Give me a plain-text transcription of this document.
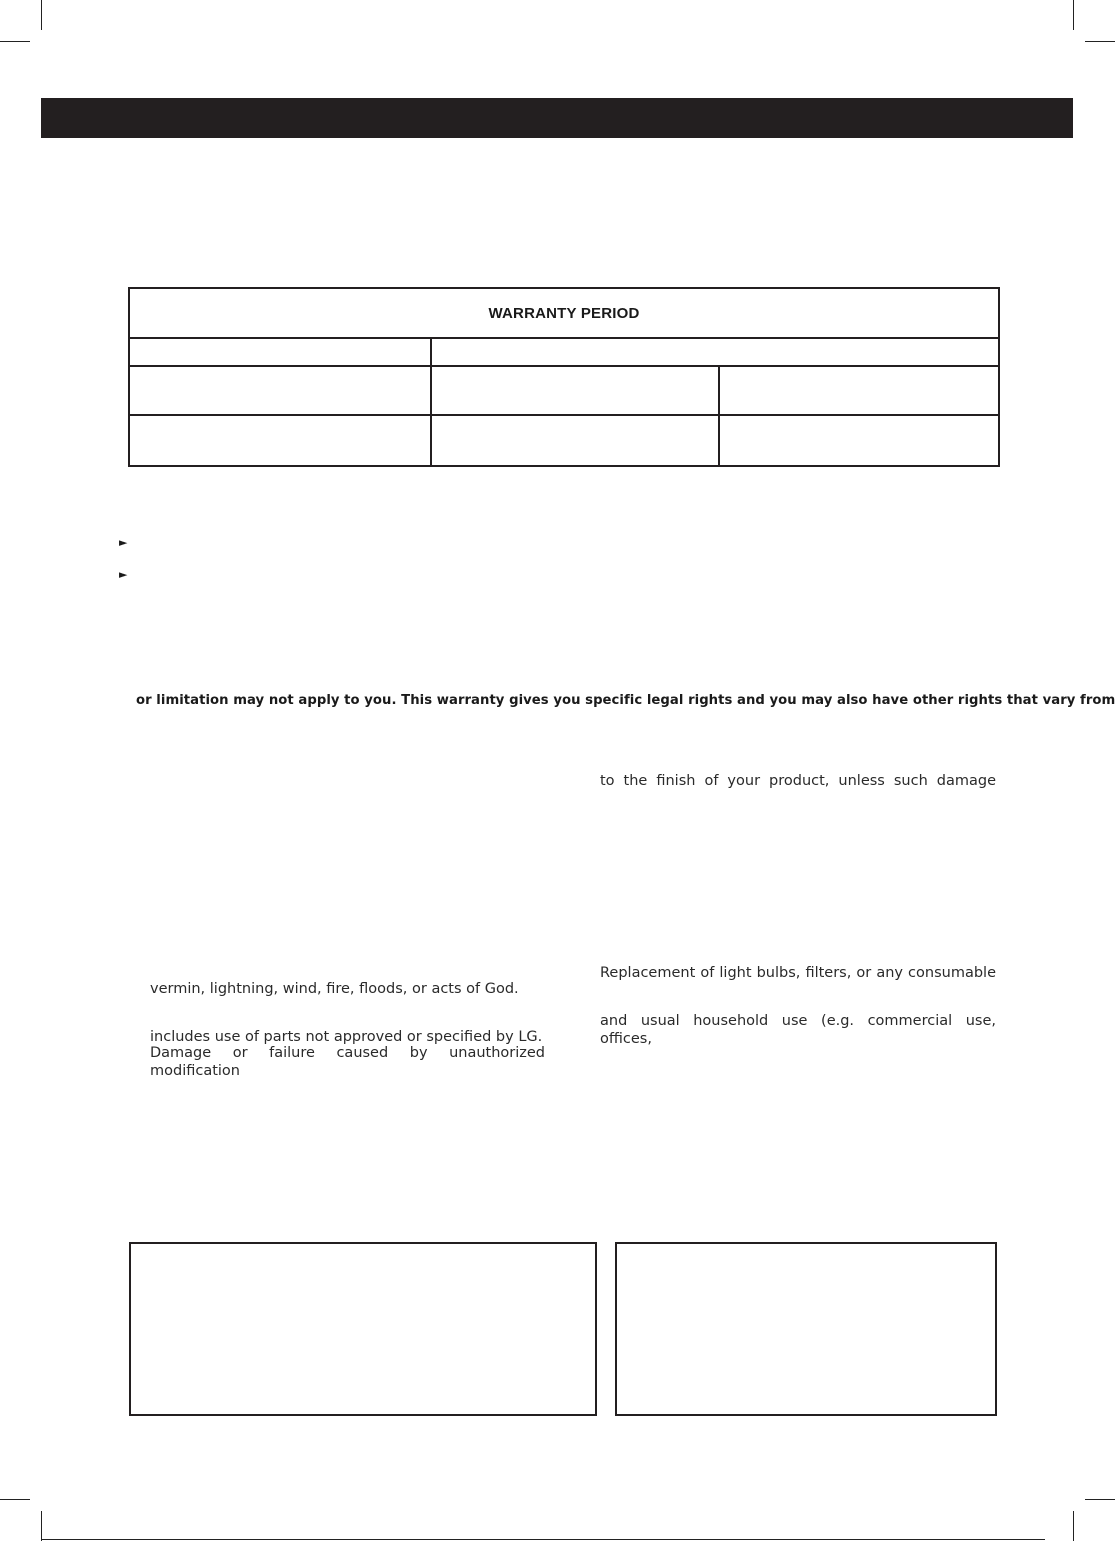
WARRANTY PERIOD		

►
►
or limitation may not apply to you. This warranty gives you specific legal rights and you may also have other rights that vary from
to the finish of your product, unless such damage
Replacement of light bulbs, filters, or any consumable
and usual household use (e.g. commercial use, offices,
vermin, lightning, wind, fire, floods, or acts of God.
includes use of parts not approved or specified by LG.
Damage or failure caused by unauthorized modification
